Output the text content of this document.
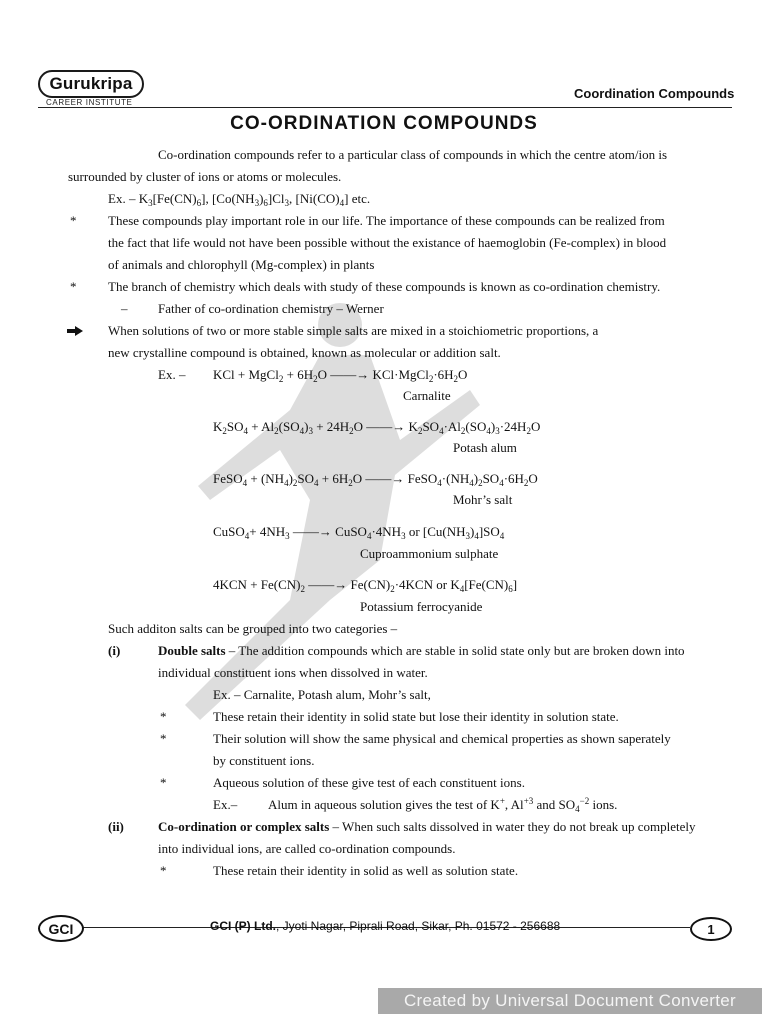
Gurukripa
CAREER INSTITUTE
Coordination Compounds
CO-ORDINATION COMPOUNDS
Co-ordination compounds refer to a particular class of compounds in which the centre atom/ion is
surrounded by cluster of ions or atoms or molecules.
Ex. – $K_3[Fe(CN)_6]$, $[Co(NH_3)_6]Cl_3$, $[Ni(CO)_4]$ etc.
* These compounds play important role in our life. The importance of these compounds can be realized from
the fact that life would not have been possible without the existance of haemoglobin (Fe-complex) in blood
of animals and chlorophyll (Mg-complex) in plants
* The branch of chemistry which deals with study of these compounds is known as co-ordination chemistry.
– Father of co-ordination chemistry – Werner
When solutions of two or more stable simple salts are mixed in a stoichiometric proportions, a
new crystalline compound is obtained, known as molecular or addition salt.
Ex. – KCl + MgCl$_2$ + $6H_2O$ ——→ $KCl\cdot MgCl_2\cdot 6H_2O$
Carnalite
$K_2SO_4 + Al_2(SO_4)_3 + 24H_2O$ ——→ $K_2SO_4\cdot Al_2(SO_4)_3\cdot 24H_2O$
Potash alum
FeSO$_4$ + $(NH_4)_2SO_4 + 6H_2O$ ——→ $FeSO_4\cdot(NH_4)_2SO_4\cdot 6H_2O$
Mohr’s salt
CuSO$_4$+ $4NH_3$ ——→ $CuSO_4\cdot 4NH_3$ or $[Cu(NH_3)_4]SO_4$
Cuproammonium sulphate
$4KCN + Fe(CN)_2$ ——→ $Fe(CN)_2\cdot 4KCN$ or $K_4[Fe(CN)_6]$
Potassium ferrocyanide
Such additon salts can be grouped into two categories –
(i)	Double salts – The addition compounds which are stable in solid state only but are broken down into
individual constituent ions when dissolved in water.
Ex. – Carnalite, Potash alum, Mohr’s salt,
*	These retain their identity in solid state but lose their identity in solution state.
*	Their solution will show the same physical and chemical properties as shown saperately
by constituent ions.
*	Aqueous solution of these give test of each constituent ions.
Ex.– Alum in aqueous solution gives the test of K+, $Al^{+3}$ and $SO_4^{-2}$ ions.
(ii)	Co-ordination or complex salts – When such salts dissolved in water they do not break up completely
into individual ions, are called co-ordination compounds.
*	These retain their identity in solid as well as solution state.
GCI	GCI (P) Ltd., Jyoti Nagar, Piprali Road, Sikar, Ph. 01572 - 256688	1
Created by Universal Document Converter
